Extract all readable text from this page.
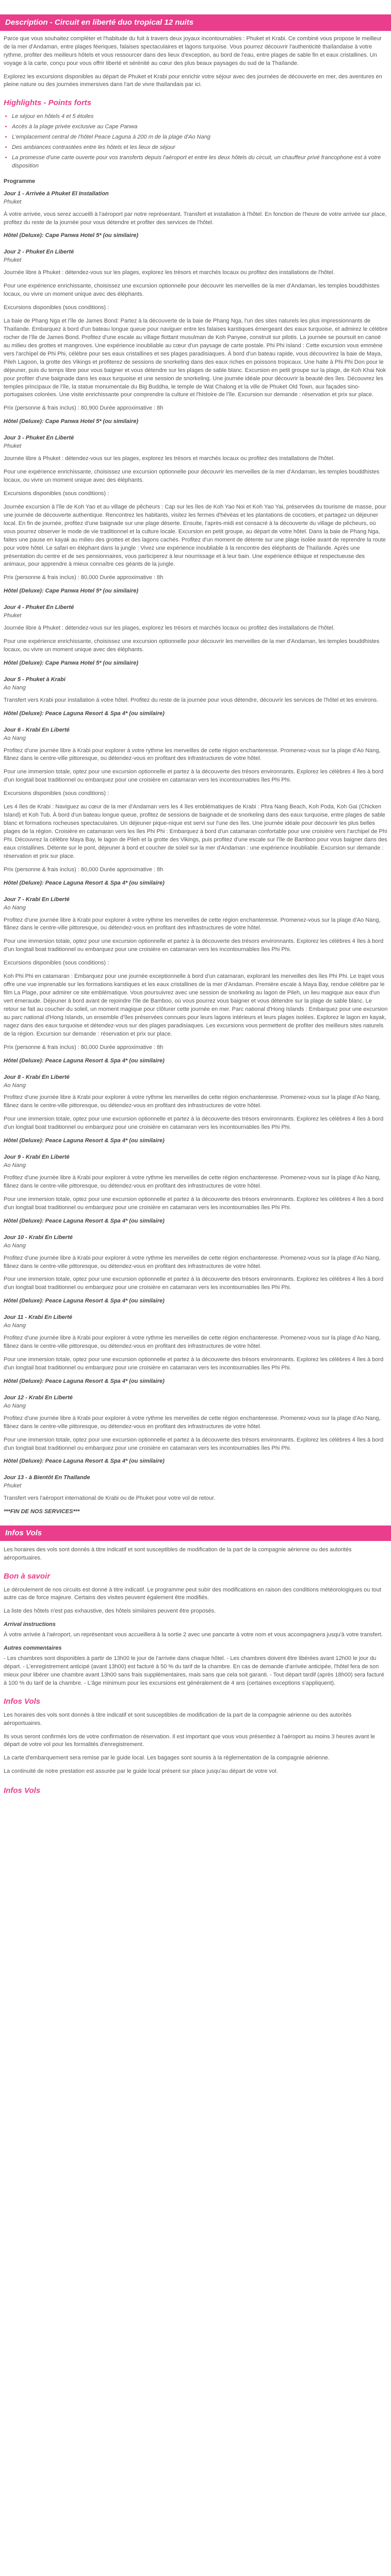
Description - Circuit en liberté duo tropical 12 nuits

Parce que vous souhaitez compléter et l'habitude du fuit à travers deux joyaux incontournables : Phuket et Krabi. Ce combiné vous propose le meilleur de la mer d'Andaman, entre plages féeriques, falaises spectaculaires et lagons turquoise. Vous pourrez découvrir l'authenticité thaïlandaise à votre rythme, profiter des meilleurs hôtels et vous ressourcer dans des lieux d'exception, au bord de l'eau, entre plages de sable fin et eaux cristallines. Un voyage à la carte, conçu pour vous offrir liberté et sérénité au cœur des plus beaux paysages du sud de la Thaïlande.

Explorez les excursions disponibles au départ de Phuket et Krabi pour enrichir votre séjour avec des journées de découverte en mer, des aventures en pleine nature ou des journées immersives dans l'art de vivre thaïlandais par ici.

Highlights - Points forts
• Le séjour en hôtels 4 et 5 étoiles
• Accès à la plage privée exclusive au Cape Panwa
• L'emplacement central de l'hôtel Peace Laguna à 200 m de la plage d'Ao Nang
• Des ambiances contrastées entre les hôtels et les lieux de séjour
• La promesse d'une carte ouverte pour vos transferts depuis l'aéroport et entre les deux hôtels du circuit, un chauffeur privé francophone est à votre disposition
Programme
Jour 1 - Arrivée à Phuket El Installation
Phuket

À votre arrivée, vous serez accueilli à l'aéroport par notre représentant. Transfert et installation à l'hôtel. En fonction de l'heure de votre arrivée sur place, profitez du reste de la journée pour vous détendre et profiter des services de l'hôtel.

Hôtel (Deluxe): Cape Panwa Hotel 5* (ou similaire)
Jour 2 - Phuket En Liberté
Phuket

Journée libre à Phuket : détendez-vous sur les plages, explorez les trésors et marchés locaux ou profitez des installations de l'hôtel.

Pour une expérience enrichissante, choisissez une excursion optionnelle pour découvrir les merveilles de la mer d'Andaman, les temples bouddhistes locaux, ou vivre un moment unique avec des éléphants.

Excursions disponibles (sous conditions) :

La baie de Phang Nga et l'île de James Bond: Partez à la découverte de la baie de Phang Nga, l'un des sites naturels les plus impressionnants de Thaïlande. Embarquez à bord d'un bateau longue queue pour naviguer entre les falaises karstiques émergeant des eaux turquoise, et admirez le célèbre rocher de l'île de James Bond. Profitez d'une escale au village flottant musulman de Koh Panyee, construit sur pilotis. La journée se poursuit en canoë au milieu des grottes et mangroves. Une expérience inoubliable au cœur d'un paysage de carte postale. Phi Phi Island : Cette excursion vous emmène vers l'archipel de Phi Phi, célèbre pour ses eaux cristallines et ses plages paradisiaques. À bord d'un bateau rapide, vous découvrirez la baie de Maya, Pileh Lagoon, la grotte des Vikings et profiterez de sessions de snorkeling dans des eaux riches en poissons tropicaux. Une halte à Phi Phi Don pour le déjeuner, puis du temps libre pour vous baigner et vous détendre sur les plages de sable blanc. Excursion en petit groupe sur la plage, de Koh Khai Nok pour profiter d'une baignade dans les eaux turquoise et une session de snorkeling. Une journée idéale pour découvrir la beauté des îles. Découvrez les temples principaux de l'île, la statue monumentale du Big Buddha, le temple de Wat Chalong et la ville de Phuket Old Town, aux façades sino-portugaises colorées. Une visite enrichissante pour comprendre la culture et l'histoire de l'île. Excursion sur demande : réservation et prix sur place.

Prix (personne & frais inclus) : 80,900 Durée approximative : 8h

Hôtel (Deluxe): Cape Panwa Hotel 5* (ou similaire)
Jour 3 - Phuket En Liberté
Phuket

Journée libre à Phuket : détendez-vous sur les plages, explorez les trésors et marchés locaux ou profitez des installations de l'hôtel.

Pour une expérience enrichissante, choisissez une excursion optionnelle pour découvrir les merveilles de la mer d'Andaman, les temples bouddhistes locaux, ou vivre un moment unique avec des éléphants.

Excursions disponibles (sous conditions) :

Journée excursion à l'île de Koh Yao et au village de pêcheurs : Cap sur les îles de Koh Yao Noi et Koh Yao Yai, préservées du tourisme de masse, pour une journée de découverte authentique. Rencontrez les habitants, visitez les fermes d'hévéas et les plantations de cocotiers, et partagez un déjeuner local. En fin de journée, profitez d'une baignade sur une plage déserte. Ensuite, l'après-midi est consacré à la découverte du village de pêcheurs, où vous pourrez observer le mode de vie traditionnel et la culture locale. Excursion en petit groupe, au départ de votre hôtel. Dans la baie de Phang Nga, faites une pause en kayak au milieu des grottes et des lagons cachés. Profitez d'un moment de détente sur une plage isolée avant de reprendre la route pour votre hôtel. Le safari en éléphant dans la jungle : Vivez une expérience inoubliable à la rencontre des éléphants de Thaïlande. Après une présentation du centre et de ses pensionnaires, vous participerez à leur nourrissage et à leur bain. Une expérience éthique et respectueuse des animaux, pour apprendre à mieux connaître ces géants de la jungle.

Prix (personne & frais inclus) : 80,000 Durée approximative : 8h

Hôtel (Deluxe): Cape Panwa Hotel 5* (ou similaire)
Jour 4 - Phuket En Liberté
Phuket

Journée libre à Phuket : détendez-vous sur les plages, explorez les trésors et marchés locaux ou profitez des installations de l'hôtel.

Pour une expérience enrichissante, choisissez une excursion optionnelle pour découvrir les merveilles de la mer d'Andaman, les temples bouddhistes locaux, ou vivre un moment unique avec des éléphants.

Hôtel (Deluxe): Cape Panwa Hotel 5* (ou similaire)
Jour 5 - Phuket à Krabi
Ao Nang

Transfert vers Krabi pour installation à votre hôtel. Profitez du reste de la journée pour vous détendre, découvrir les services de l'hôtel et les environs.

Hôtel (Deluxe): Peace Laguna Resort & Spa 4* (ou similaire)
Jour 6 - Krabi En Liberté
Ao Nang

Profitez d'une journée libre à Krabi pour explorer à votre rythme les merveilles de cette région enchanteresse. Promenez-vous sur la plage d'Ao Nang, flânez dans le centre-ville pittoresque, ou détendez-vous en profitant des infrastructures de votre hôtel.

Pour une immersion totale, optez pour une excursion optionnelle et partez à la découverte des trésors environnants. Explorez les célèbres 4 îles à bord d'un longtail boat traditionnel ou embarquez pour une croisière en catamaran vers les incontournables îles Phi Phi.

Excursions disponibles (sous conditions) :

Les 4 îles de Krabi : Naviguez au cœur de la mer d'Andaman vers les 4 îles emblématiques de Krabi : Phra Nang Beach, Koh Poda, Koh Gai (Chicken Island) et Koh Tub. À bord d'un bateau longue queue, profitez de sessions de baignade et de snorkeling dans des eaux turquoise, entre plages de sable blanc et formations rocheuses spectaculaires. Un déjeuner pique-nique est servi sur l'une des îles. Une journée idéale pour découvrir les plus belles plages de la région. Croisière en catamaran vers les îles Phi Phi : Embarquez à bord d'un catamaran confortable pour une croisière vers l'archipel de Phi Phi. Découvrez la célèbre Maya Bay, le lagon de Pileh et la grotte des Vikings, puis profitez d'une escale sur l'île de Bamboo pour vous baigner dans des eaux cristallines. Détente sur le pont, déjeuner à bord et coucher de soleil sur la mer d'Andaman : une expérience inoubliable. Excursion sur demande : réservation et prix sur place.

Prix (personne & frais inclus) : 80,000 Durée approximative : 8h

Hôtel (Deluxe): Peace Laguna Resort & Spa 4* (ou similaire)
Jour 7 - Krabi En Liberté
Ao Nang

Profitez d'une journée libre à Krabi pour explorer à votre rythme les merveilles de cette région enchanteresse. Promenez-vous sur la plage d'Ao Nang, flânez dans le centre-ville pittoresque, ou détendez-vous en profitant des infrastructures de votre hôtel.

Pour une immersion totale, optez pour une excursion optionnelle et partez à la découverte des trésors environnants. Explorez les célèbres 4 îles à bord d'un longtail boat traditionnel ou embarquez pour une croisière en catamaran vers les incontournables îles Phi Phi.

Excursions disponibles (sous conditions) :

Koh Phi Phi en catamaran : Embarquez pour une journée exceptionnelle à bord d'un catamaran, explorant les merveilles des îles Phi Phi. Le trajet vous offre une vue imprenable sur les formations karstiques et les eaux cristallines de la mer d'Andaman. Première escale à Maya Bay, rendue célèbre par le film La Plage, pour admirer ce site emblématique. Vous poursuivrez avec une session de snorkeling au lagon de Pileh, un lieu magique aux eaux d'un vert émeraude. Déjeuner à bord avant de rejoindre l'île de Bamboo, où vous pourrez vous baigner et vous détendre sur la plage de sable blanc. Le retour se fait au coucher du soleil, un moment magique pour clôturer cette journée en mer. Parc national d'Hong Islands : Embarquez pour une excursion au parc national d'Hong Islands, un ensemble d'îles préservées connues pour leurs lagons intérieurs et leurs plages isolées. Explorez le lagon en kayak, nagez dans des eaux turquoise et détendez-vous sur des plages paradisiaques. Les excursions vous permettent de profiter des meilleurs sites naturels de la région. Excursion sur demande : réservation et prix sur place.

Prix (personne & frais inclus) : 80,000 Durée approximative : 8h

Hôtel (Deluxe): Peace Laguna Resort & Spa 4* (ou similaire)
Jour 8 - Krabi En Liberté
Ao Nang

Profitez d'une journée libre à Krabi pour explorer à votre rythme les merveilles de cette région enchanteresse. Promenez-vous sur la plage d'Ao Nang, flânez dans le centre-ville pittoresque, ou détendez-vous en profitant des infrastructures de votre hôtel.

Pour une immersion totale, optez pour une excursion optionnelle et partez à la découverte des trésors environnants. Explorez les célèbres 4 îles à bord d'un longtail boat traditionnel ou embarquez pour une croisière en catamaran vers les incontournables îles Phi Phi.

Hôtel (Deluxe): Peace Laguna Resort & Spa 4* (ou similaire)
Jour 9 - Krabi En Liberté
Ao Nang

Profitez d'une journée libre à Krabi pour explorer à votre rythme les merveilles de cette région enchanteresse. Promenez-vous sur la plage d'Ao Nang, flânez dans le centre-ville pittoresque, ou détendez-vous en profitant des infrastructures de votre hôtel.

Pour une immersion totale, optez pour une excursion optionnelle et partez à la découverte des trésors environnants. Explorez les célèbres 4 îles à bord d'un longtail boat traditionnel ou embarquez pour une croisière en catamaran vers les incontournables îles Phi Phi.

Hôtel (Deluxe): Peace Laguna Resort & Spa 4* (ou similaire)
Jour 10 - Krabi En Liberté
Ao Nang

Profitez d'une journée libre à Krabi pour explorer à votre rythme les merveilles de cette région enchanteresse. Promenez-vous sur la plage d'Ao Nang, flânez dans le centre-ville pittoresque, ou détendez-vous en profitant des infrastructures de votre hôtel.

Pour une immersion totale, optez pour une excursion optionnelle et partez à la découverte des trésors environnants. Explorez les célèbres 4 îles à bord d'un longtail boat traditionnel ou embarquez pour une croisière en catamaran vers les incontournables îles Phi Phi.

Hôtel (Deluxe): Peace Laguna Resort & Spa 4* (ou similaire)
Jour 11 - Krabi En Liberté
Ao Nang

Profitez d'une journée libre à Krabi pour explorer à votre rythme les merveilles de cette région enchanteresse. Promenez-vous sur la plage d'Ao Nang, flânez dans le centre-ville pittoresque, ou détendez-vous en profitant des infrastructures de votre hôtel.

Pour une immersion totale, optez pour une excursion optionnelle et partez à la découverte des trésors environnants. Explorez les célèbres 4 îles à bord d'un longtail boat traditionnel ou embarquez pour une croisière en catamaran vers les incontournables îles Phi Phi.

Hôtel (Deluxe): Peace Laguna Resort & Spa 4* (ou similaire)
Jour 12 - Krabi En Liberté
Ao Nang

Profitez d'une journée libre à Krabi pour explorer à votre rythme les merveilles de cette région enchanteresse. Promenez-vous sur la plage d'Ao Nang, flânez dans le centre-ville pittoresque, ou détendez-vous en profitant des infrastructures de votre hôtel.

Pour une immersion totale, optez pour une excursion optionnelle et partez à la découverte des trésors environnants. Explorez les célèbres 4 îles à bord d'un longtail boat traditionnel ou embarquez pour une croisière en catamaran vers les incontournables îles Phi Phi.

Hôtel (Deluxe): Peace Laguna Resort & Spa 4* (ou similaire)
Jour 13 - à Bientôt En Thaïlande
Phuket

Transfert vers l'aéroport international de Krabi ou de Phuket pour votre vol de retour.

***FIN DE NOS SERVICES***

Infos Vols

Les horaires des vols sont donnés à titre indicatif et sont susceptibles de modification de la part de la compagnie aérienne ou des autorités aéroportuaires.

Bon à savoir

Le déroulement de nos circuits est donné à titre indicatif. Le programme peut subir des modifications en raison des conditions météorologiques ou tout autre cas de force majeure. Certains des visites peuvent également être modifiés.

La liste des hôtels n'est pas exhaustive, des hôtels similaires peuvent être proposés.

Arrival instructions

À votre arrivée à l'aéroport, un représentant vous accueillera à la sortie 2 avec une pancarte à votre nom et vous accompagnera jusqu'à votre transfert.

Autres commentaires

- Les chambres sont disponibles à partir de 13h00 le jour de l'arrivée dans chaque hôtel. - Les chambres doivent être libérées avant 12h00 le jour du départ. - L'enregistrement anticipé (avant 13h00) est facturé à 50 % du tarif de la chambre. En cas de demande d'arrivée anticipée, l'hôtel fera de son mieux pour libérer une chambre avant 13h00 sans frais supplémentaires, mais sans que cela soit garanti. - Tout départ tardif (après 18h00) sera facturé à 100 % du tarif de la chambre. - L'âge minimum pour les excursions est généralement de 4 ans (certaines exceptions s'appliquent).

Infos Vols

Les horaires des vols sont donnés à titre indicatif et sont susceptibles de modification de la part de la compagnie aérienne ou des autorités aéroportuaires.

Ils vous seront confirmés lors de votre confirmation de réservation. Il est important que vous vous présentiez à l'aéroport au moins 3 heures avant le départ de votre vol pour les formalités d'enregistrement.

La carte d'embarquement sera remise par le guide local. Les bagages sont soumis à la réglementation de la compagnie aérienne.

La continuité de notre prestation est assurée par le guide local présent sur place jusqu'au départ de votre vol.

Infos Vols
